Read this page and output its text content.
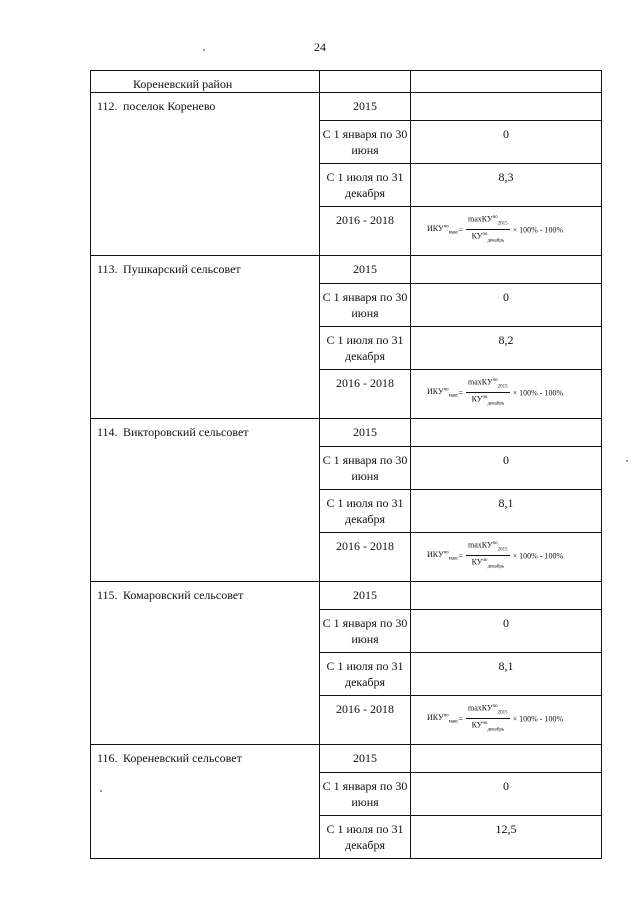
24
Кореневский район		

112. поселок Коренево	2015	

	С 1 января по 30 июня	0

	С 1 июля по 31 декабря	8,3

	2016 - 2018	$ИКУ^{чо}_{макс}= \frac{\max КУ^{чо}_{2015}}{КУ^{чо}_{декабрь}} \times 100\% - 100\%$

113. Пушкарский сельсовет	2015	

	С 1 января по 30 июня	0

	С 1 июля по 31 декабря	8,2

	2016 - 2018	$ИКУ^{чо}_{макс}= \frac{\max КУ^{чо}_{2015}}{КУ^{чо}_{декабрь}} \times 100\% - 100\%$

114. Викторовский сельсовет	2015	

	С 1 января по 30 июня	0

	С 1 июля по 31 декабря	8,1

	2016 - 2018	$ИКУ^{чо}_{макс}= \frac{\max КУ^{чо}_{2015}}{КУ^{чо}_{декабрь}} \times 100\% - 100\%$

115. Комаровский сельсовет	2015	

	С 1 января по 30 июня	0

	С 1 июля по 31 декабря	8,1

	2016 - 2018	$ИКУ^{чо}_{макс}= \frac{\max КУ^{чо}_{2015}}{КУ^{чо}_{декабрь}} \times 100\% - 100\%$

116. Кореневский сельсовет	2015	

	С 1 января по 30 июня	0

	С 1 июля по 31 декабря	12,5
